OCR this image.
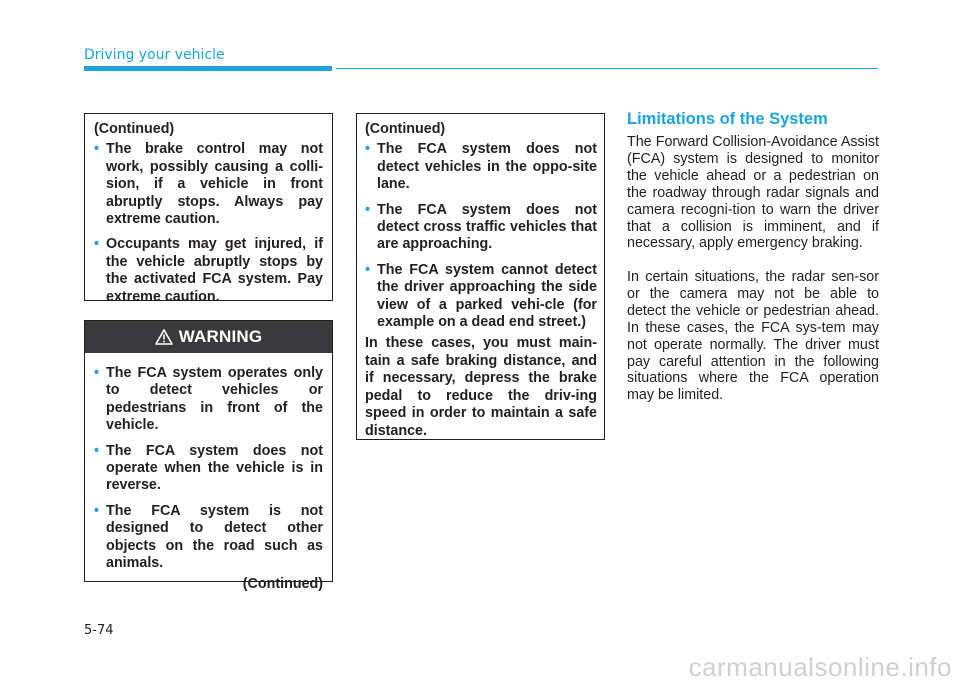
Driving your vehicle
(Continued)
• The brake control may not work, possibly causing a colli-sion, if a vehicle in front abruptly stops. Always pay extreme caution.
• Occupants may get injured, if the vehicle abruptly stops by the activated FCA system. Pay extreme caution.
WARNING
• The FCA system operates only to detect vehicles or pedestrians in front of the vehicle.
• The FCA system does not operate when the vehicle is in reverse.
• The FCA system is not designed to detect other objects on the road such as animals.
(Continued)
(Continued)
• The FCA system does not detect vehicles in the oppo-site lane.
• The FCA system does not detect cross traffic vehicles that are approaching.
• The FCA system cannot detect the driver approaching the side view of a parked vehi-cle (for example on a dead end street.)

In these cases, you must main-tain a safe braking distance, and if necessary, depress the brake pedal to reduce the driv-ing speed in order to maintain a safe distance.

Limitations of the System

The Forward Collision-Avoidance Assist (FCA) system is designed to monitor the vehicle ahead or a pedestrian on the roadway through radar signals and camera recogni-tion to warn the driver that a collision is imminent, and if necessary, apply emergency braking.

In certain situations, the radar sen-sor or the camera may not be able to detect the vehicle or pedestrian ahead. In these cases, the FCA sys-tem may not operate normally. The driver must pay careful attention in the following situations where the FCA operation may be limited.

5-74
carmanualsonline.info
